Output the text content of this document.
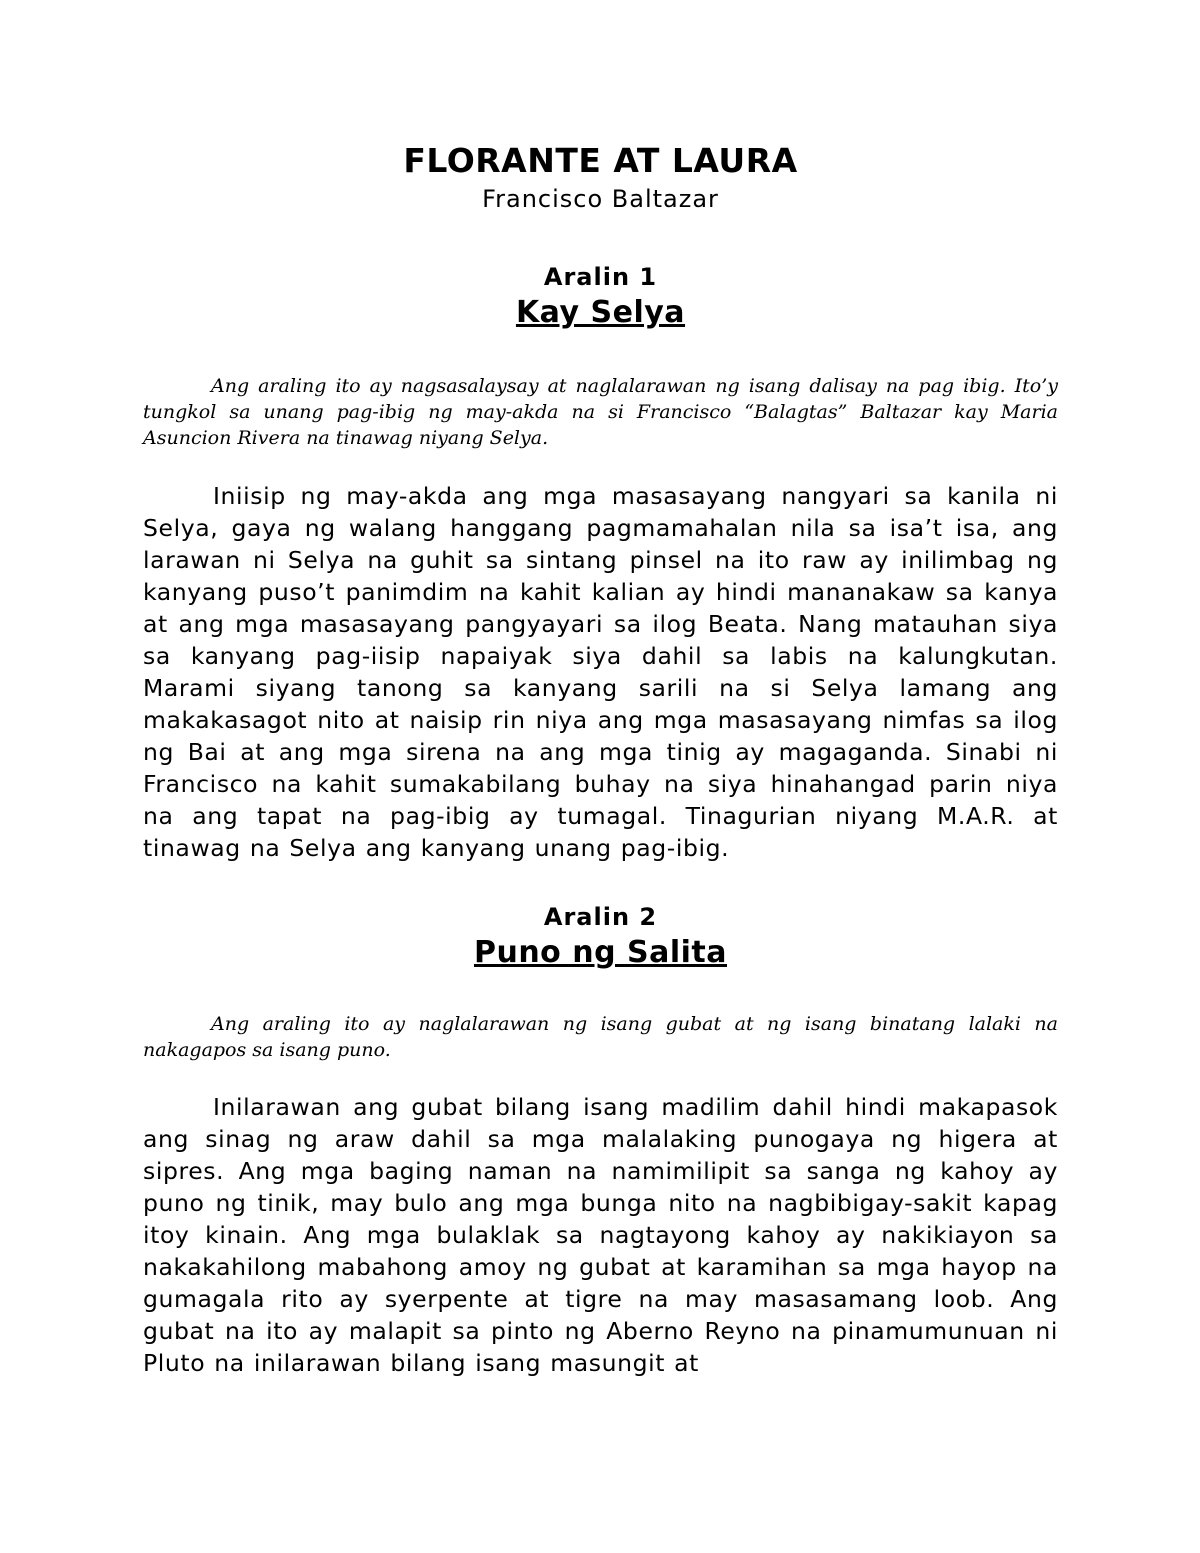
FLORANTE AT LAURA

Francisco Baltazar

Aralin 1

Kay Selya

Ang araling ito ay nagsasalaysay at naglalarawan ng isang dalisay na pag ibig. Ito’y tungkol sa unang pag-ibig ng may-akda na si Francisco “Balagtas” Baltazar kay Maria Asuncion Rivera na tinawag niyang Selya.

Iniisip ng may-akda ang mga masasayang nangyari sa kanila ni Selya, gaya ng walang hanggang pagmamahalan nila sa isa’t isa, ang larawan ni Selya na guhit sa sintang pinsel na ito raw ay inilimbag ng kanyang puso’t panimdim na kahit kalian ay hindi mananakaw sa kanya at ang mga masasayang pangyayari sa ilog Beata. Nang matauhan siya sa kanyang pag-iisip napaiyak siya dahil sa labis na kalungkutan. Marami siyang tanong sa kanyang sarili na si Selya lamang ang makakasagot nito at naisip rin niya ang mga masasayang nimfas sa ilog ng Bai at ang mga sirena na ang mga tinig ay magaganda. Sinabi ni Francisco na kahit sumakabilang buhay na siya hinahangad parin niya na ang tapat na pag-ibig ay tumagal. Tinagurian niyang M.A.R. at tinawag na Selya ang kanyang unang pag-ibig.

Aralin 2

Puno ng Salita

Ang araling ito ay naglalarawan ng isang gubat at ng isang binatang lalaki na nakagapos sa isang puno.

Inilarawan ang gubat bilang isang madilim dahil hindi makapasok ang sinag ng araw dahil sa mga malalaking punogaya ng higera at sipres. Ang mga baging naman na namimilipit sa sanga ng kahoy ay puno ng tinik, may bulo ang mga bunga nito na nagbibigay-sakit kapag itoy kinain. Ang mga bulaklak sa nagtayong kahoy ay nakikiayon sa nakakahilong mabahong amoy ng gubat at karamihan sa mga hayop na gumagala rito ay syerpente at tigre na may masasamang loob. Ang gubat na ito ay malapit sa pinto ng Aberno Reyno na pinamumunuan ni Pluto na inilarawan bilang isang masungit at
